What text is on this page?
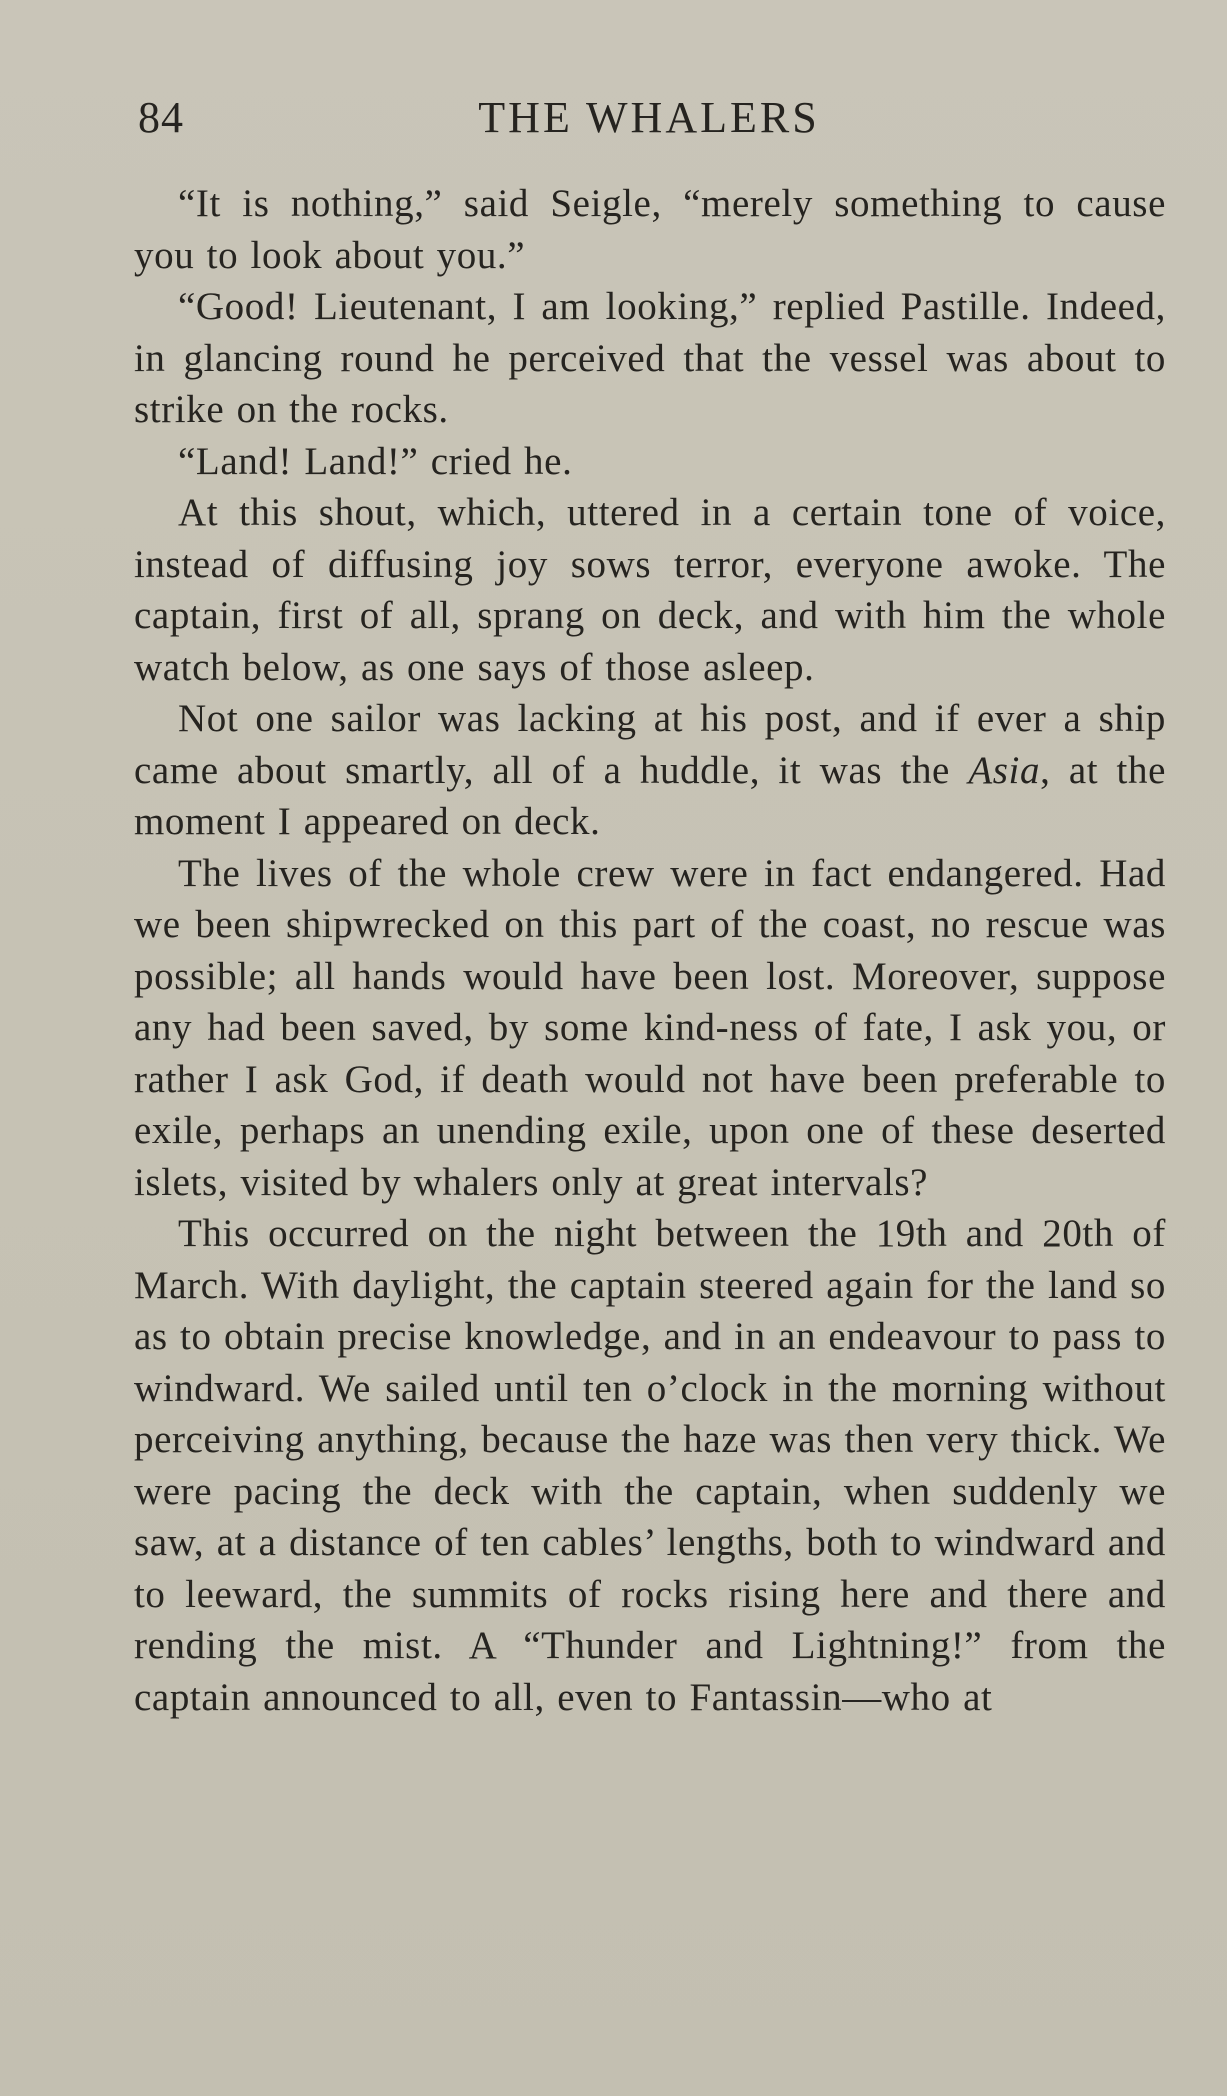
84	THE WHALERS

“It is nothing,” said Seigle, “merely something to cause you to look about you.”

“Good! Lieutenant, I am looking,” replied Pastille. Indeed, in glancing round he perceived that the vessel was about to strike on the rocks.

“Land! Land!” cried he.

At this shout, which, uttered in a certain tone of voice, instead of diffusing joy sows terror, everyone awoke. The captain, first of all, sprang on deck, and with him the whole watch below, as one says of those asleep.

Not one sailor was lacking at his post, and if ever a ship came about smartly, all of a huddle, it was the Asia, at the moment I appeared on deck.

The lives of the whole crew were in fact endangered. Had we been shipwrecked on this part of the coast, no rescue was possible; all hands would have been lost. Moreover, suppose any had been saved, by some kind-ness of fate, I ask you, or rather I ask God, if death would not have been preferable to exile, perhaps an unending exile, upon one of these deserted islets, visited by whalers only at great intervals?

This occurred on the night between the 19th and 20th of March. With daylight, the captain steered again for the land so as to obtain precise knowledge, and in an endeavour to pass to windward. We sailed until ten o’clock in the morning without perceiving anything, because the haze was then very thick. We were pacing the deck with the captain, when suddenly we saw, at a distance of ten cables’ lengths, both to windward and to leeward, the summits of rocks rising here and there and rending the mist. A “Thunder and Lightning!” from the captain announced to all, even to Fantassin—who at
